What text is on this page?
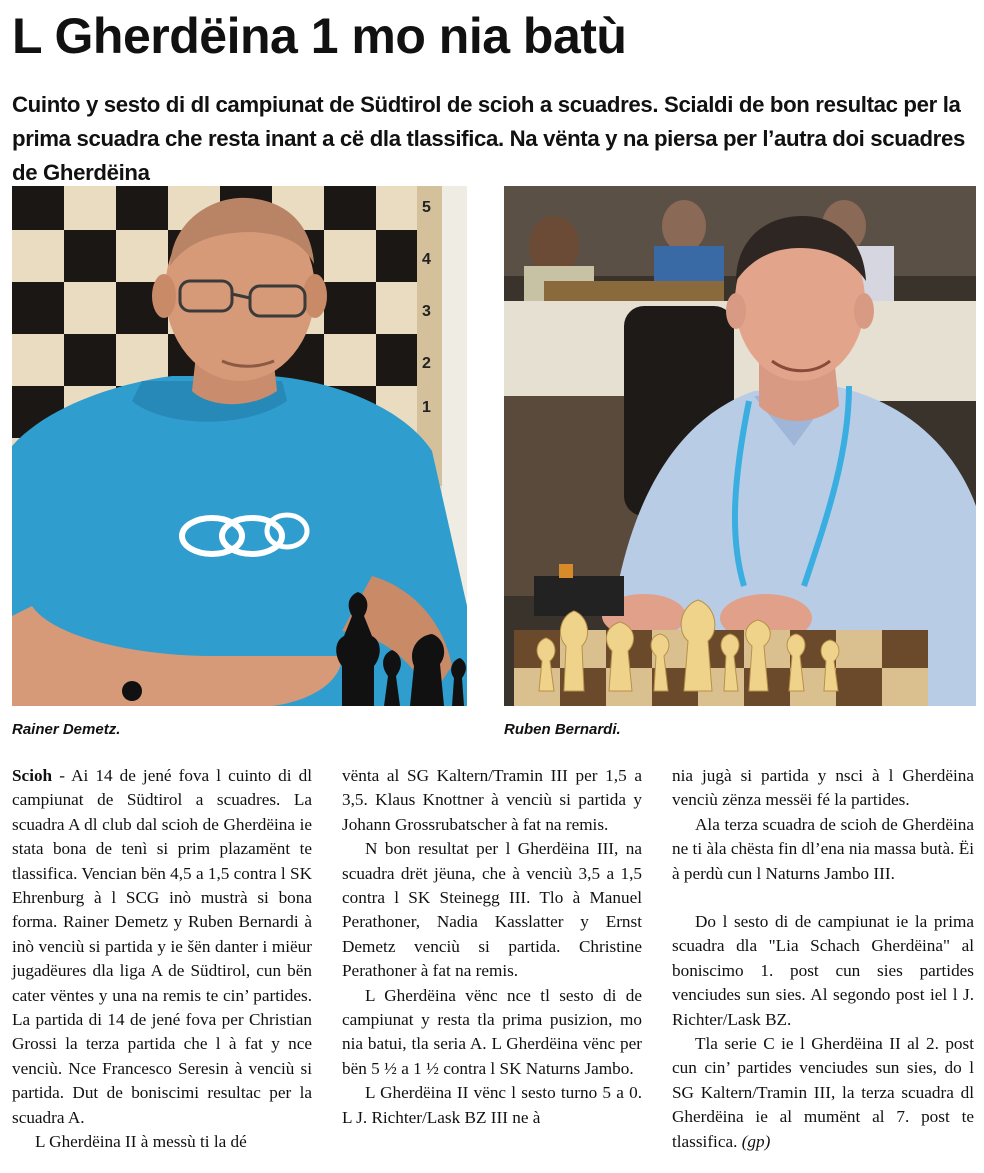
L Gherdëina 1 mo nia batù
Cuinto y sesto di dl campiunat de Südtirol de scioh a scuadres. Scialdi de bon resultac per la prima scuadra che resta inant a cë dla tlassifica. Na vënta y na piersa per l’autra doi scuadres de Gherdëina
5
4
3
2
1
Rainer Demetz.	Ruben Bernardi.

Scioh - Ai 14 de jené fova l cuinto di dl campiunat de Südtirol a scuadres. La scuadra A dl club dal scioh de Gherdëina ie stata bona de tenì si prim plazamënt te tlassifica. Vencian bën 4,5 a 1,5 contra l SK Ehrenburg à l SCG inò mustrà si bona forma. Rainer Demetz y Ruben Bernardi à inò venciù si partida y ie šën danter i miëur jugadëures dla liga A de Südtirol, cun bën cater vëntes y una na remis te cin’ partides. La partida di 14 de jené fova per Christian Grossi la terza partida che l à fat y nce venciù. Nce Francesco Seresin à venciù si partida. Dut de boniscimi resultac per la scuadra A.

L Gherdëina II à messù ti la dé

vënta al SG Kaltern/Tramin III per 1,5 a 3,5. Klaus Knottner à venciù si partida y Johann Grossrubatscher à fat na remis.

N bon resultat per l Gherdëina III, na scuadra drët jëuna, che à venciù 3,5 a 1,5 contra l SK Steinegg III. Tlo à Manuel Perathoner, Nadia Kasslatter y Ernst Demetz venciù si partida. Christine Perathoner à fat na remis.

L Gherdëina vënc nce tl sesto di de campiunat y resta tla prima pusizion, mo nia batui, tla seria A. L Gherdëina vënc per bën 5 ½ a 1 ½ contra l SK Naturns Jambo.

L Gherdëina II vënc l sesto turno 5 a 0. L J. Richter/Lask BZ III ne à

nia jugà si partida y nsci à l Gherdëina venciù zënza messëi fé la partides.

Ala terza scuadra de scioh de Gherdëina ne ti àla chësta fin dl’ena nia massa butà. Ëi à perdù cun l Naturns Jambo III.

Do l sesto di de campiunat ie la prima scuadra dla "Lia Schach Gherdëina" al boniscimo 1. post cun sies partides venciudes sun sies. Al segondo post iel l J. Richter/Lask BZ.

Tla serie C ie l Gherdëina II al 2. post cun cin’ partides venciudes sun sies, do l SG Kaltern/Tramin III, la terza scuadra dl Gherdëina ie al mumënt al 7. post te tlassifica. (gp)
